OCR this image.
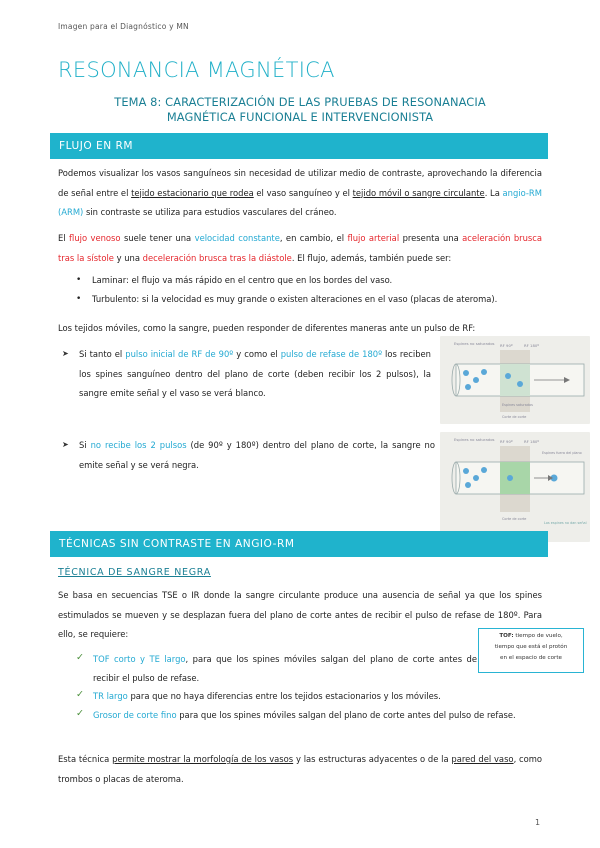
Imagen para el Diagnóstico y MN
RESONANCIA MAGNÉTICA
TEMA 8: CARACTERIZACIÓN DE LAS PRUEBAS DE RESONANACIA
MAGNÉTICA FUNCIONAL E INTERVENCIONISTA
FLUJO EN RM
Podemos visualizar los vasos sanguíneos sin necesidad de utilizar medio de contraste, aprovechando la diferencia de señal entre el tejido estacionario que rodea el vaso sanguíneo y el tejido móvil o sangre circulante. La angio-RM (ARM) sin contraste se utiliza para estudios vasculares del cráneo.
El flujo venoso suele tener una velocidad constante, en cambio, el flujo arterial presenta una aceleración brusca tras la sístole y una deceleración brusca tras la diástole. El flujo, además, también puede ser:
• Laminar: el flujo va más rápido en el centro que en los bordes del vaso.
• Turbulento: si la velocidad es muy grande o existen alteraciones en el vaso (placas de ateroma).
Los tejidos móviles, como la sangre, pueden responder de diferentes maneras ante un pulso de RF:
➤ Si tanto el pulso inicial de RF de 90º y como el pulso de refase de 180º los reciben los spines sanguíneo dentro del plano de corte (deben recibir los 2 pulsos), la sangre emite señal y el vaso se verá blanco.
Espines no saturados RF 90º	RF 180º
Espines saturados
Corte de corte
➤ Si no recibe los 2 pulsos (de 90º y 180º) dentro del plano de corte, la sangre no emite señal y se verá negra.
Espines no saturados RF 90º	RF 180º
Espines fuera del plano
Corte de corte
Los espines no dan señal
TÉCNICAS SIN CONTRASTE EN ANGIO-RM
TÉCNICA DE SANGRE NEGRA
Se basa en secuencias TSE o IR donde la sangre circulante produce una ausencia de señal ya que los spines estimulados se mueven y se desplazan fuera del plano de corte antes de recibir el pulso de refase de 180º. Para ello, se requiere:	TOF: tiempo de vuelo,
tiempo que está el protón
en el espacio de corte
✓ TOF corto y TE largo, para que los spines móviles salgan del plano de corte antes de recibir el pulso de refase.
✓ TR largo para que no haya diferencias entre los tejidos estacionarios y los móviles.
✓ Grosor de corte fino para que los spines móviles salgan del plano de corte antes del pulso de refase.
Esta técnica permite mostrar la morfología de los vasos y las estructuras adyacentes o de la pared del vaso, como trombos o placas de ateroma.
1
